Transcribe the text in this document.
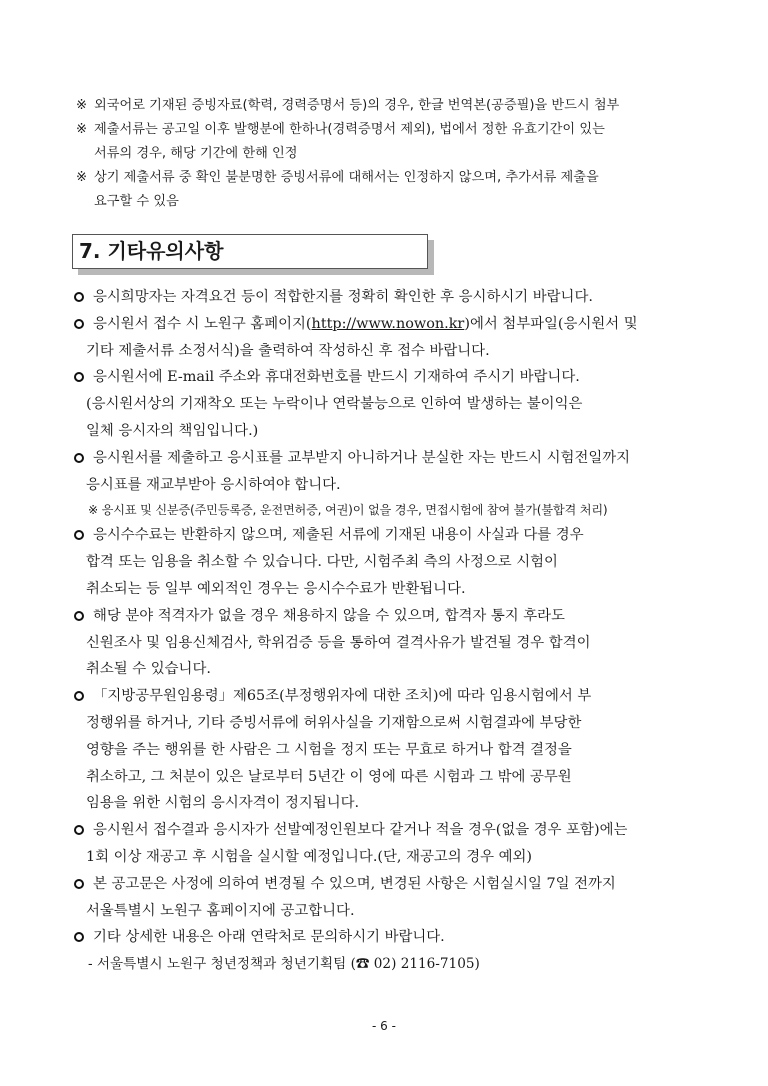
※ 외국어로 기재된 증빙자료(학력, 경력증명서 등)의 경우, 한글 번역본(공증필)을 반드시 첨부
※ 제출서류는 공고일 이후 발행분에 한하나(경력증명서 제외), 법에서 정한 유효기간이 있는
서류의 경우, 해당 기간에 한해 인정
※ 상기 제출서류 중 확인 불분명한 증빙서류에 대해서는 인정하지 않으며, 추가서류 제출을
요구할 수 있음
7. 기타유의사항
응시희망자는 자격요건 등이 적합한지를 정확히 확인한 후 응시하시기 바랍니다.
응시원서 접수 시 노원구 홈페이지(http://www.nowon.kr)에서 첨부파일(응시원서 및
기타 제출서류 소정서식)을 출력하여 작성하신 후 접수 바랍니다.
응시원서에 E-mail 주소와 휴대전화번호를 반드시 기재하여 주시기 바랍니다.
(응시원서상의 기재착오 또는 누락이나 연락불능으로 인하여 발생하는 불이익은
일체 응시자의 책임입니다.)
응시원서를 제출하고 응시표를 교부받지 아니하거나 분실한 자는 반드시 시험전일까지
응시표를 재교부받아 응시하여야 합니다.
※ 응시표 및 신분증(주민등록증, 운전면허증, 여권)이 없을 경우, 면접시험에 참여 불가(불합격 처리)
응시수수료는 반환하지 않으며, 제출된 서류에 기재된 내용이 사실과 다를 경우
합격 또는 임용을 취소할 수 있습니다. 다만, 시험주최 측의 사정으로 시험이
취소되는 등 일부 예외적인 경우는 응시수수료가 반환됩니다.
해당 분야 적격자가 없을 경우 채용하지 않을 수 있으며, 합격자 통지 후라도
신원조사 및 임용신체검사, 학위검증 등을 통하여 결격사유가 발견될 경우 합격이
취소될 수 있습니다.
「지방공무원임용령」제65조(부정행위자에 대한 조치)에 따라 임용시험에서 부
정행위를 하거나, 기타 증빙서류에 허위사실을 기재함으로써 시험결과에 부당한
영향을 주는 행위를 한 사람은 그 시험을 정지 또는 무효로 하거나 합격 결정을
취소하고, 그 처분이 있은 날로부터 5년간 이 영에 따른 시험과 그 밖에 공무원
임용을 위한 시험의 응시자격이 정지됩니다.
응시원서 접수결과 응시자가 선발예정인원보다 같거나 적을 경우(없을 경우 포함)에는
1회 이상 재공고 후 시험을 실시할 예정입니다.(단, 재공고의 경우 예외)
본 공고문은 사정에 의하여 변경될 수 있으며, 변경된 사항은 시험실시일 7일 전까지
서울특별시 노원구 홈페이지에 공고합니다.
기타 상세한 내용은 아래 연락처로 문의하시기 바랍니다.
- 서울특별시 노원구 청년정책과 청년기획팀 (☎ 02) 2116-7105)
- 6 -
